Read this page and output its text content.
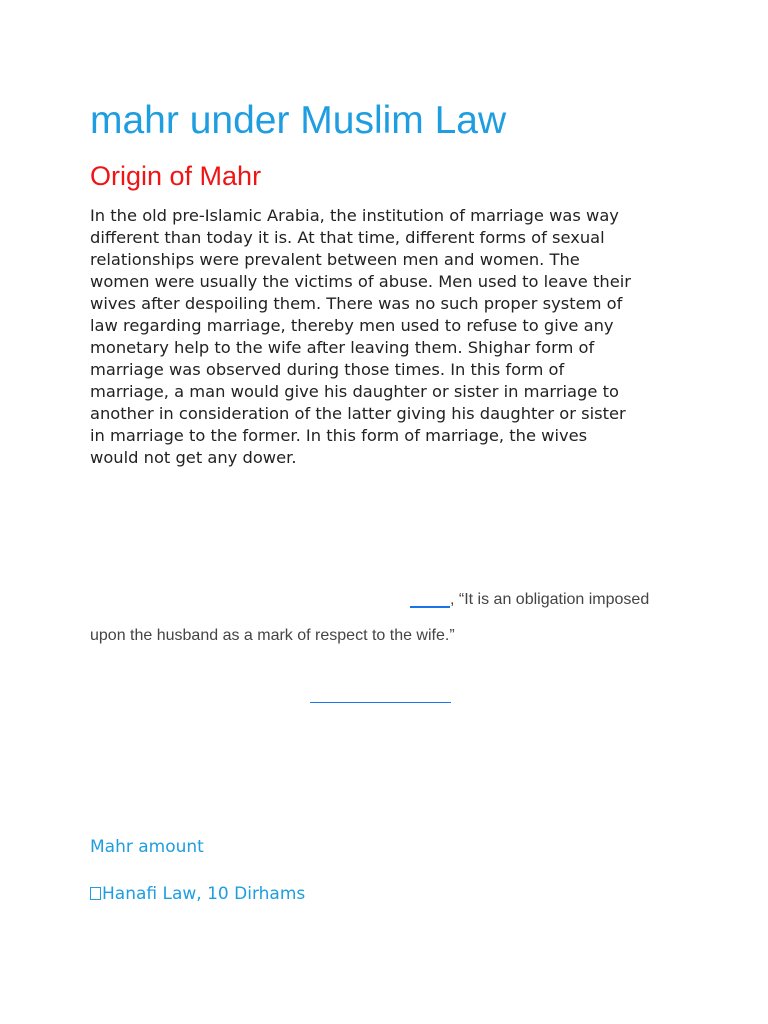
mahr under Muslim Law
Origin of Mahr
In the old pre-Islamic Arabia, the institution of marriage was way
different than today it is. At that time, different forms of sexual
relationships were prevalent between men and women. The
women were usually the victims of abuse. Men used to leave their
wives after despoiling them. There was no such proper system of
law regarding marriage, thereby men used to refuse to give any
monetary help to the wife after leaving them. Shighar form of
marriage was observed during those times. In this form of
marriage, a man would give his daughter or sister in marriage to
another in consideration of the latter giving his daughter or sister
in marriage to the former. In this form of marriage, the wives
would not get any dower.

, “It is an obligation imposed

upon the husband as a mark of respect to the wife.”

Mahr amount

Hanafi Law, 10 Dirhams
